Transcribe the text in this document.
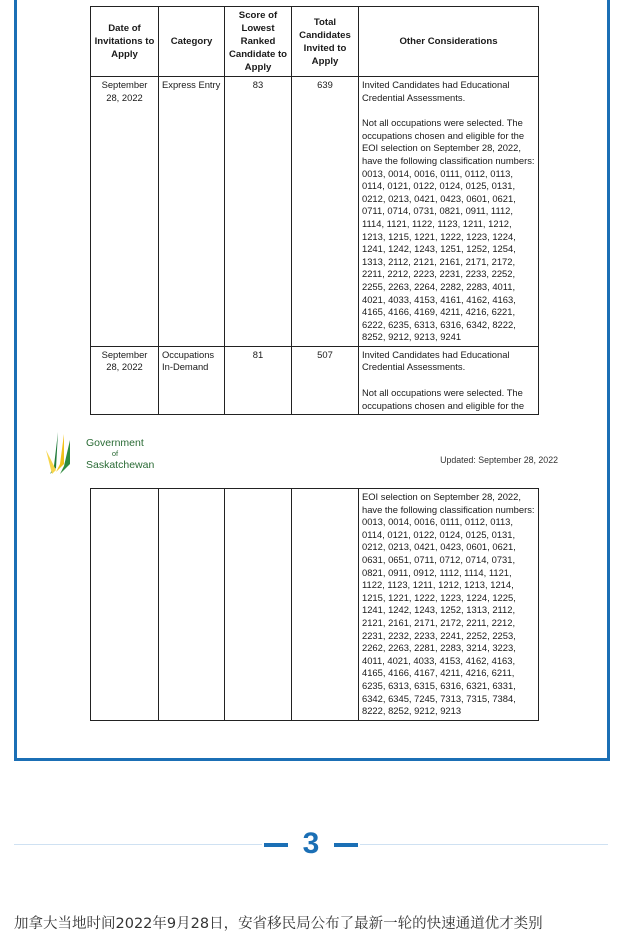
Date of Invitations to Apply	Category	Score of Lowest Ranked Candidate to Apply	Total Candidates Invited to Apply	Other Considerations
September 28, 2022	Express Entry	83	639	Invited Candidates had Educational Credential Assessments.
Not all occupations were selected. The occupations chosen and eligible for the EOI selection on September 28, 2022, have the following classification numbers: 0013, 0014, 0016, 0111, 0112, 0113, 0114, 0121, 0122, 0124, 0125, 0131, 0212, 0213, 0421, 0423, 0601, 0621, 0711, 0714, 0731, 0821, 0911, 1112, 1114, 1121, 1122, 1123, 1211, 1212, 1213, 1215, 1221, 1222, 1223, 1224, 1241, 1242, 1243, 1251, 1252, 1254, 1313, 2112, 2121, 2161, 2171, 2172, 2211, 2212, 2223, 2231, 2233, 2252, 2255, 2263, 2264, 2282, 2283, 4011, 4021, 4033, 4153, 4161, 4162, 4163, 4165, 4166, 4169, 4211, 4216, 6221, 6222, 6235, 6313, 6316, 6342, 8222, 8252, 9212, 9213, 9241

September 28, 2022	Occupations In-Demand	81	507	Invited Candidates had Educational Credential Assessments.
Not all occupations were selected. The occupations chosen and eligible for the
Government
of
Saskatchewan	Updated: September 28, 2022
				EOI selection on September 28, 2022, have the following classification numbers: 0013, 0014, 0016, 0111, 0112, 0113, 0114, 0121, 0122, 0124, 0125, 0131, 0212, 0213, 0421, 0423, 0601, 0621, 0631, 0651, 0711, 0712, 0714, 0731, 0821, 0911, 0912, 1112, 1114, 1121, 1122, 1123, 1211, 1212, 1213, 1214, 1215, 1221, 1222, 1223, 1224, 1225, 1241, 1242, 1243, 1252, 1313, 2112, 2121, 2161, 2171, 2172, 2211, 2212, 2231, 2232, 2233, 2241, 2252, 2253, 2262, 2263, 2281, 2283, 3214, 3223, 4011, 4021, 4033, 4153, 4162, 4163, 4165, 4166, 4167, 4211, 4216, 6211, 6235, 6313, 6315, 6316, 6321, 6331, 6342, 6345, 7245, 7313, 7315, 7384, 8222, 8252, 9212, 9213
3
加拿大当地时间2022年9月28日，安省移民局公布了最新一轮的快速通道优才类别
